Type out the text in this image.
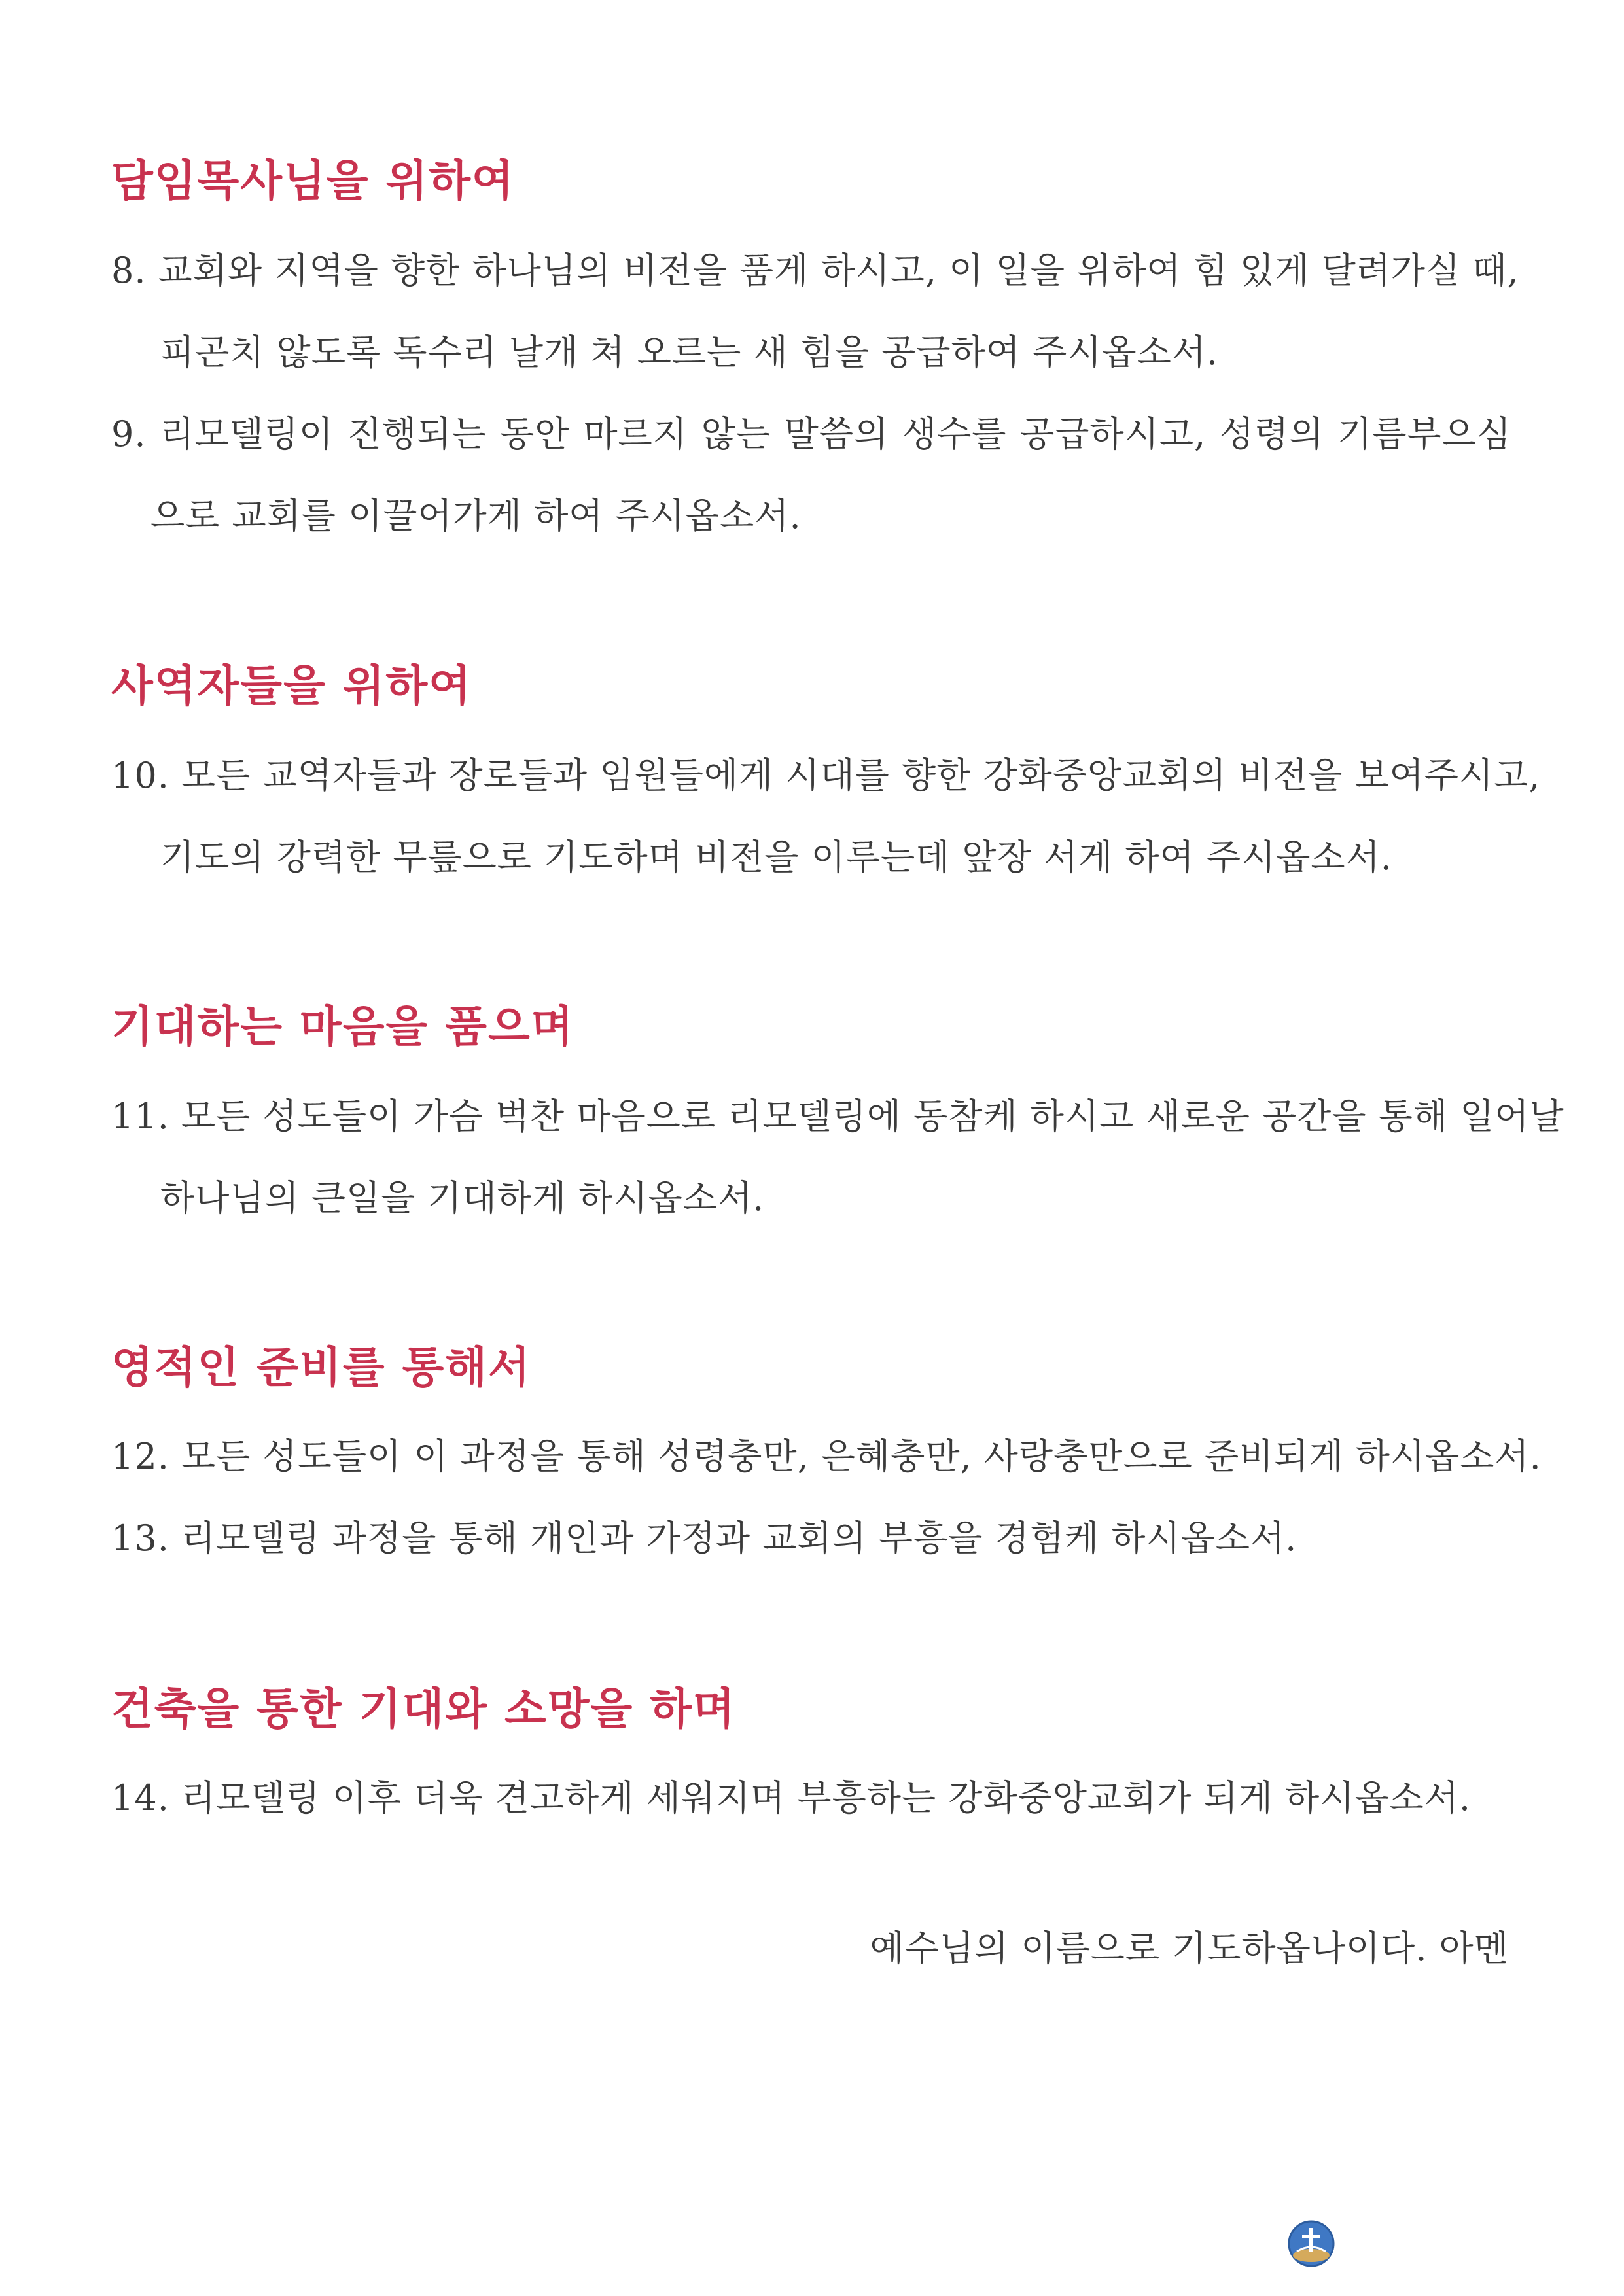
담임목사님을 위하여

8. 교회와 지역을 향한 하나님의 비전을 품게 하시고, 이 일을 위하여 힘 있게 달려가실 때,

피곤치 않도록 독수리 날개 쳐 오르는 새 힘을 공급하여 주시옵소서.

9. 리모델링이 진행되는 동안 마르지 않는 말씀의 생수를 공급하시고, 성령의 기름부으심

으로 교회를 이끌어가게 하여 주시옵소서.

사역자들을 위하여

10. 모든 교역자들과 장로들과 임원들에게 시대를 향한 강화중앙교회의 비전을 보여주시고,

기도의 강력한 무릎으로 기도하며 비전을 이루는데 앞장 서게 하여 주시옵소서.

기대하는 마음을 품으며

11. 모든 성도들이 가슴 벅찬 마음으로 리모델링에 동참케 하시고 새로운 공간을 통해 일어날

하나님의 큰일을 기대하게 하시옵소서.

영적인 준비를 통해서

12. 모든 성도들이 이 과정을 통해 성령충만, 은혜충만, 사랑충만으로 준비되게 하시옵소서.

13. 리모델링 과정을 통해 개인과 가정과 교회의 부흥을 경험케 하시옵소서.

건축을 통한 기대와 소망을 하며

14. 리모델링 이후 더욱 견고하게 세워지며 부흥하는 강화중앙교회가 되게 하시옵소서.

예수님의 이름으로 기도하옵나이다. 아멘
